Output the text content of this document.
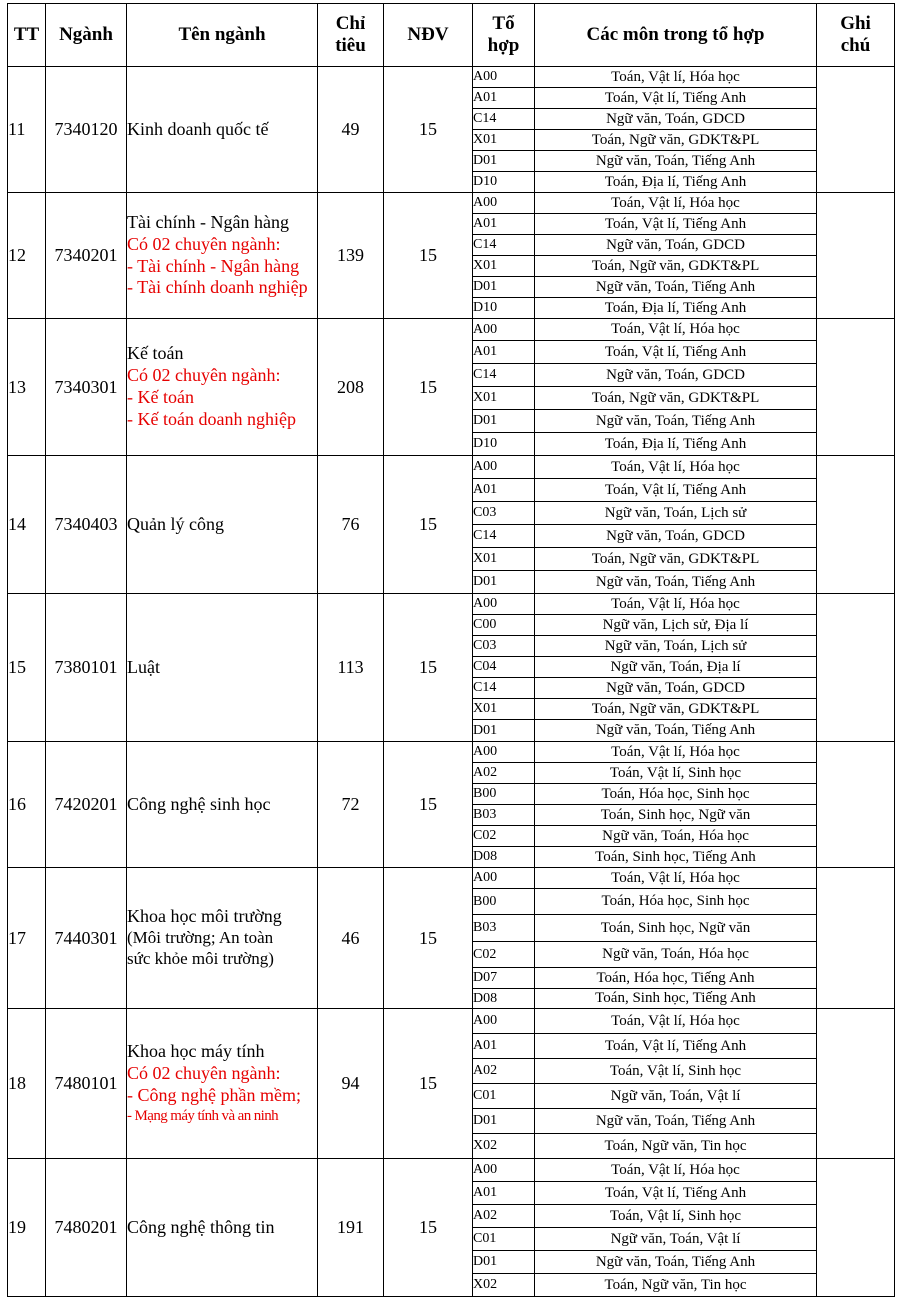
TT	Ngành	Tên ngành	Chỉ tiêu	NĐV	Tổ hợp	Các môn trong tổ hợp	Ghi chú
11	7340120	Kinh doanh quốc tế	49	15	A00	Toán, Vật lí, Hóa học	
					A01	Toán, Vật lí, Tiếng Anh	
					C14	Ngữ văn, Toán, GDCD	
					X01	Toán, Ngữ văn, GDKT&PL	
					D01	Ngữ văn, Toán, Tiếng Anh	
					D10	Toán, Địa lí, Tiếng Anh	
12	7340201	Tài chính - Ngân hàng
Có 02 chuyên ngành:
- Tài chính - Ngân hàng
- Tài chính doanh nghiệp	139	15	A00	Toán, Vật lí, Hóa học	
					A01	Toán, Vật lí, Tiếng Anh	
					C14	Ngữ văn, Toán, GDCD	
					X01	Toán, Ngữ văn, GDKT&PL	
					D01	Ngữ văn, Toán, Tiếng Anh	
					D10	Toán, Địa lí, Tiếng Anh	
13	7340301	Kế toán
Có 02 chuyên ngành:
- Kế toán
- Kế toán doanh nghiệp	208	15	A00	Toán, Vật lí, Hóa học	
					A01	Toán, Vật lí, Tiếng Anh	
					C14	Ngữ văn, Toán, GDCD	
					X01	Toán, Ngữ văn, GDKT&PL	
					D01	Ngữ văn, Toán, Tiếng Anh	
					D10	Toán, Địa lí, Tiếng Anh	
14	7340403	Quản lý công	76	15	A00	Toán, Vật lí, Hóa học	
					A01	Toán, Vật lí, Tiếng Anh	
					C03	Ngữ văn, Toán, Lịch sử	
					C14	Ngữ văn, Toán, GDCD	
					X01	Toán, Ngữ văn, GDKT&PL	
					D01	Ngữ văn, Toán, Tiếng Anh	
15	7380101	Luật	113	15	A00	Toán, Vật lí, Hóa học	
					C00	Ngữ văn, Lịch sử, Địa lí	
					C03	Ngữ văn, Toán, Lịch sử	
					C04	Ngữ văn, Toán, Địa lí	
					C14	Ngữ văn, Toán, GDCD	
					X01	Toán, Ngữ văn, GDKT&PL	
					D01	Ngữ văn, Toán, Tiếng Anh	
16	7420201	Công nghệ sinh học	72	15	A00	Toán, Vật lí, Hóa học	
					A02	Toán, Vật lí, Sinh học	
					B00	Toán, Hóa học, Sinh học	
					B03	Toán, Sinh học, Ngữ văn	
					C02	Ngữ văn, Toán, Hóa học	
					D08	Toán, Sinh học, Tiếng Anh	
17	7440301	Khoa học môi trường
(Môi trường; An toàn
sức khỏe môi trường)	46	15	A00	Toán, Vật lí, Hóa học	
					B00	Toán, Hóa học, Sinh học	
					B03	Toán, Sinh học, Ngữ văn	
					C02	Ngữ văn, Toán, Hóa học	
					D07	Toán, Hóa học, Tiếng Anh	
					D08	Toán, Sinh học, Tiếng Anh	
18	7480101	Khoa học máy tính
Có 02 chuyên ngành:
- Công nghệ phần mềm;
- Mạng máy tính và an ninh	94	15	A00	Toán, Vật lí, Hóa học	
					A01	Toán, Vật lí, Tiếng Anh	
					A02	Toán, Vật lí, Sinh học	
					C01	Ngữ văn, Toán, Vật lí	
					D01	Ngữ văn, Toán, Tiếng Anh	
					X02	Toán, Ngữ văn, Tin học	
19	7480201	Công nghệ thông tin	191	15	A00	Toán, Vật lí, Hóa học	
					A01	Toán, Vật lí, Tiếng Anh	
					A02	Toán, Vật lí, Sinh học	
					C01	Ngữ văn, Toán, Vật lí	
					D01	Ngữ văn, Toán, Tiếng Anh	
					X02	Toán, Ngữ văn, Tin học	
